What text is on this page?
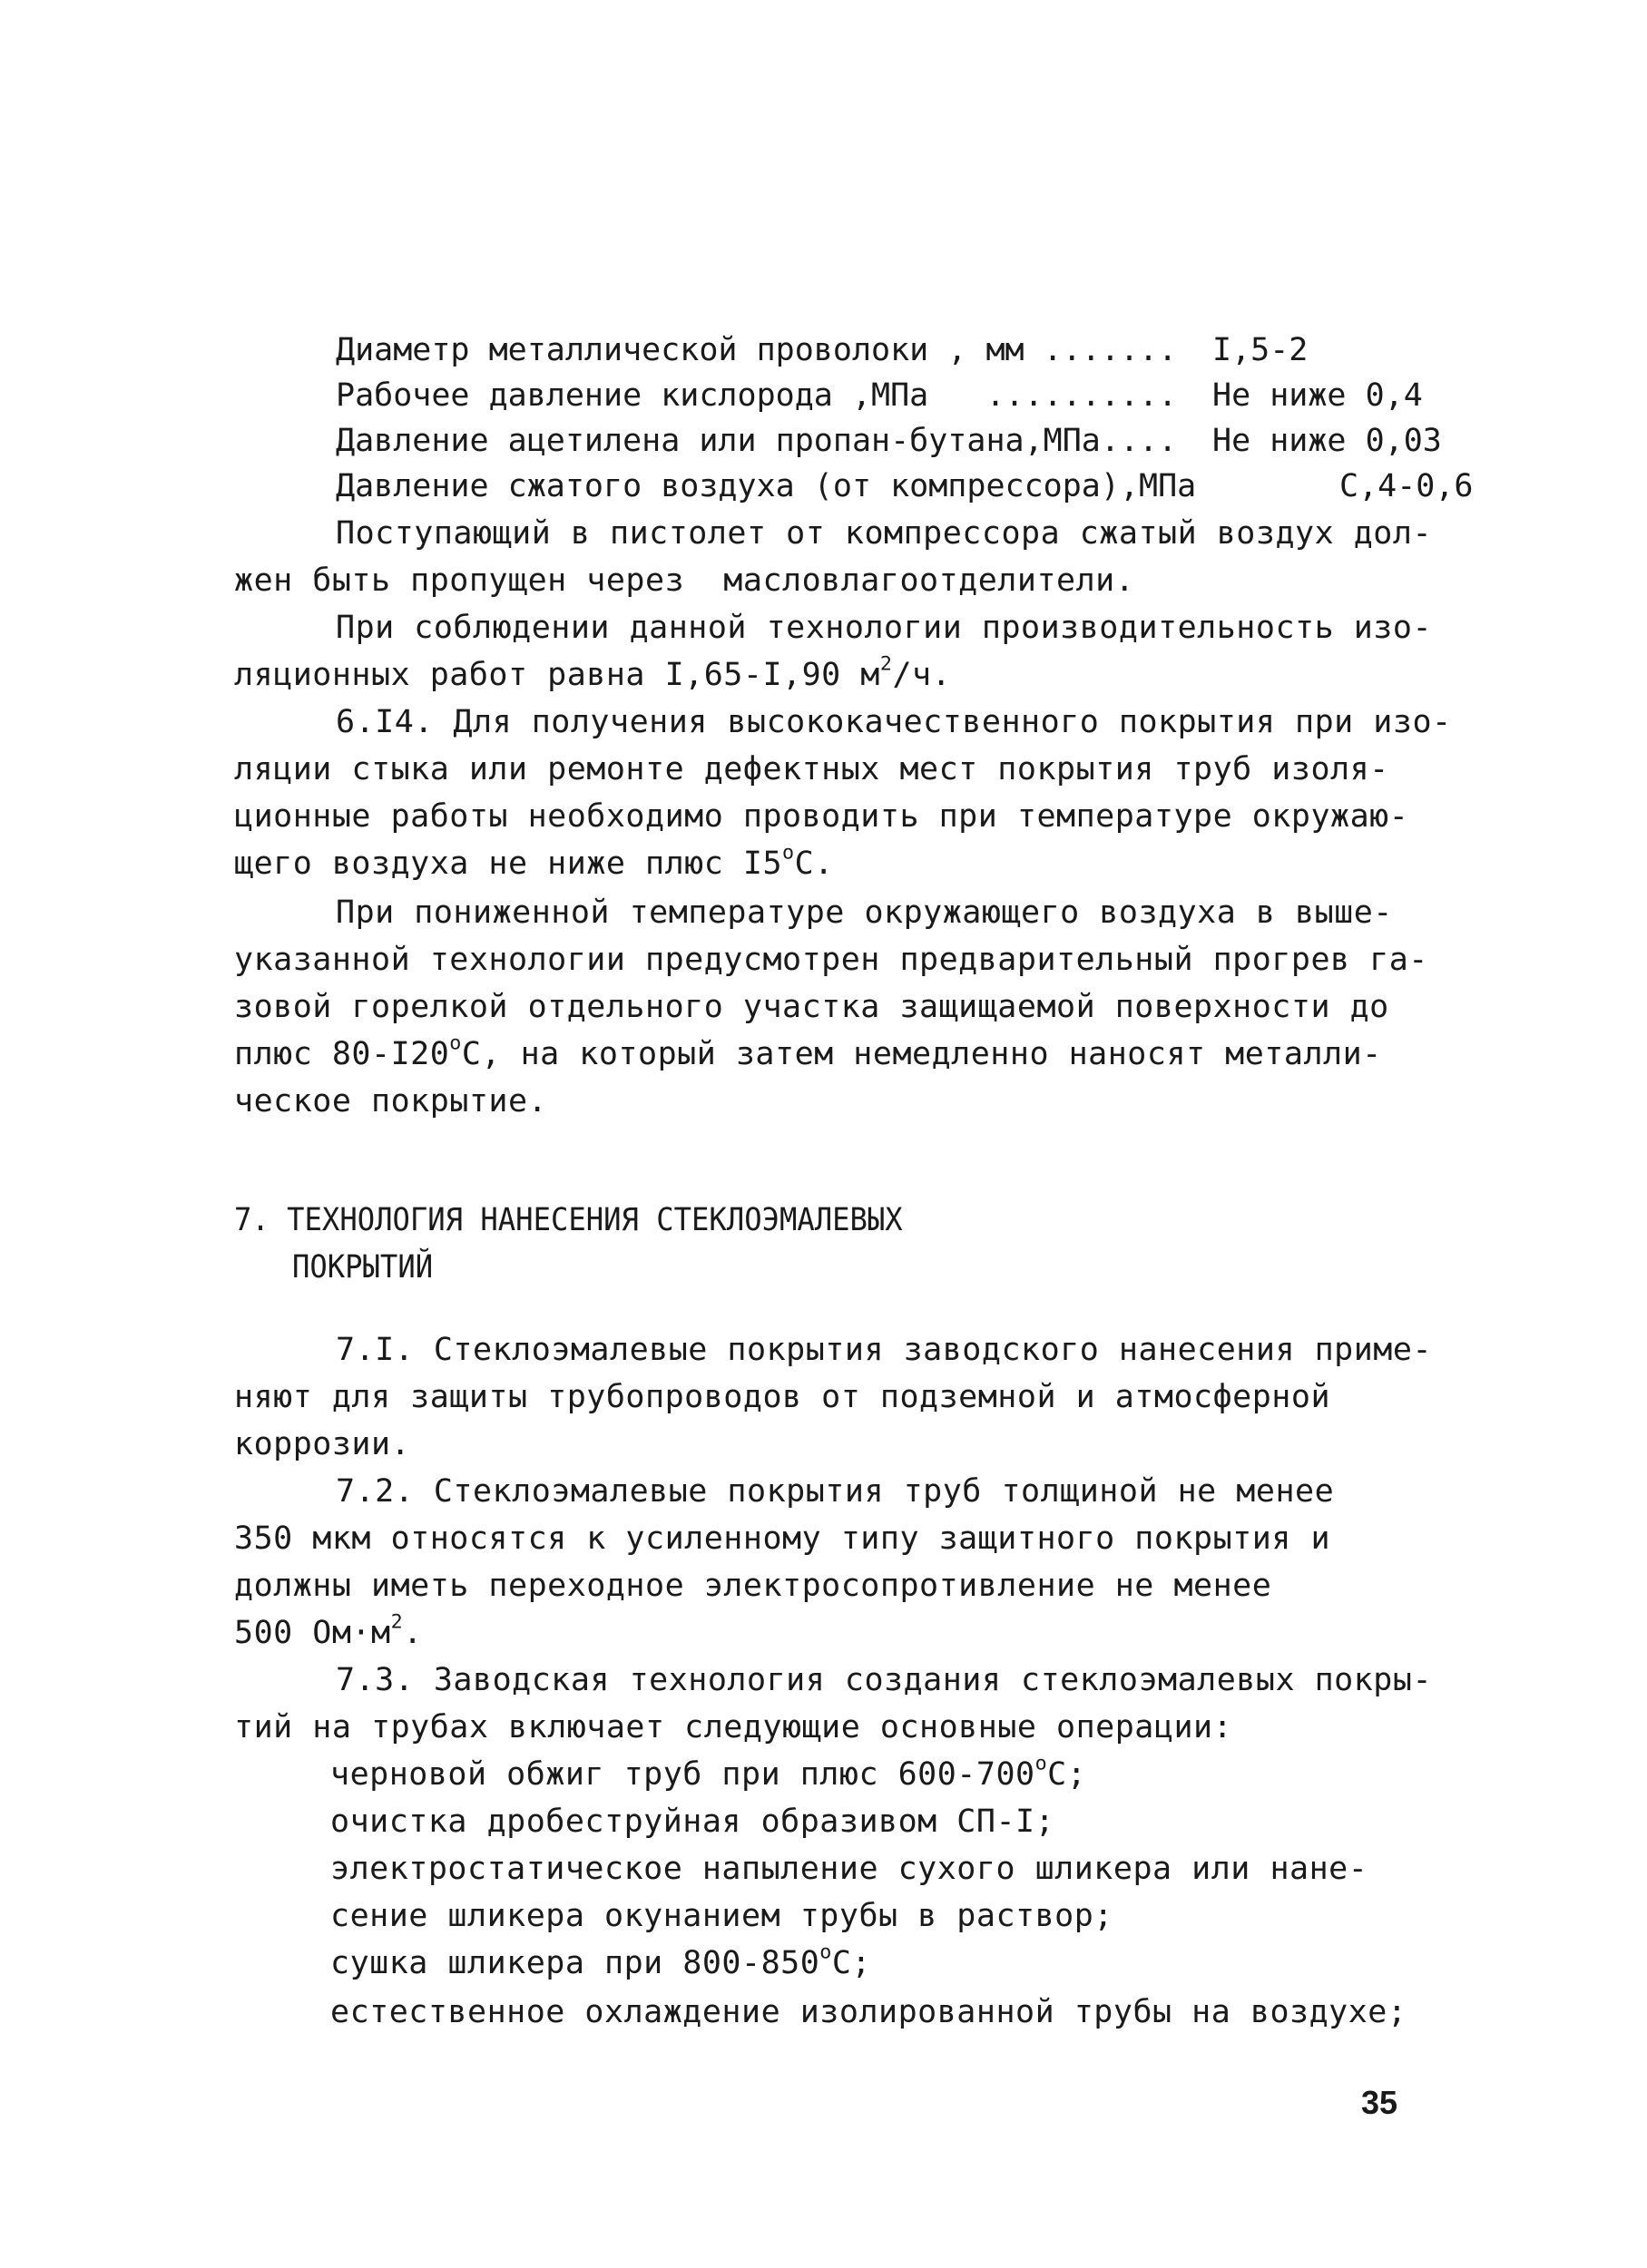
Диаметр металлической проволоки , мм .......

I,5-2

Рабочее давление кислорода ,МПа   ..........

Не ниже 0,4

Давление ацетилена или пропан-бутана,МПа....

Не ниже 0,03

Давление сжатого воздуха (от компрессора),МПа

	С,4-0,6

Поступающий в пистолет от компрессора сжатый воздух дол-
жен быть пропущен через  масловлагоотделители.
При соблюдении данной технологии производительность изо-
ляционных работ равна I,65-I,90 $м^2/ч$.
6.I4. Для получения высококачественного покрытия при изо-
ляции стыка или ремонте дефектных мест покрытия труб изоля-
ционные работы необходимо проводить при температуре окружаю-
щего воздуха не ниже плюс $I5^оС$.
При пониженной температуре окружающего воздуха в выше-
указанной технологии предусмотрен предварительный прогрев га-
зовой горелкой отдельного участка защищаемой поверхности до
плюс $80-I20^оС$, на который затем немедленно наносят металли-
ческое покрытие.
7. ТЕХНОЛОГИЯ НАНЕСЕНИЯ СТЕКЛОЭМАЛЕВЫХ
ПОКРЫТИЙ
7.I. Стеклоэмалевые покрытия заводского нанесения приме-
няют для защиты трубопроводов от подземной и атмосферной
коррозии.
7.2. Стеклоэмалевые покрытия труб толщиной не менее
350 мкм относятся к усиленному типу защитного покрытия и
должны иметь переходное электросопротивление не менее
500 $Ом\cdot м^2$.
7.3. Заводская технология создания стеклоэмалевых покры-
тий на трубах включает следующие основные операции:
черновой обжиг труб при плюс $600-700^оС$;
очистка дробеструйная образивом СП-I;
электростатическое напыление сухого шликера или нане-
сение шликера окунанием трубы в раствор;
сушка шликера при $800-850^оС$;
естественное охлаждение изолированной трубы на воздухе;
35
